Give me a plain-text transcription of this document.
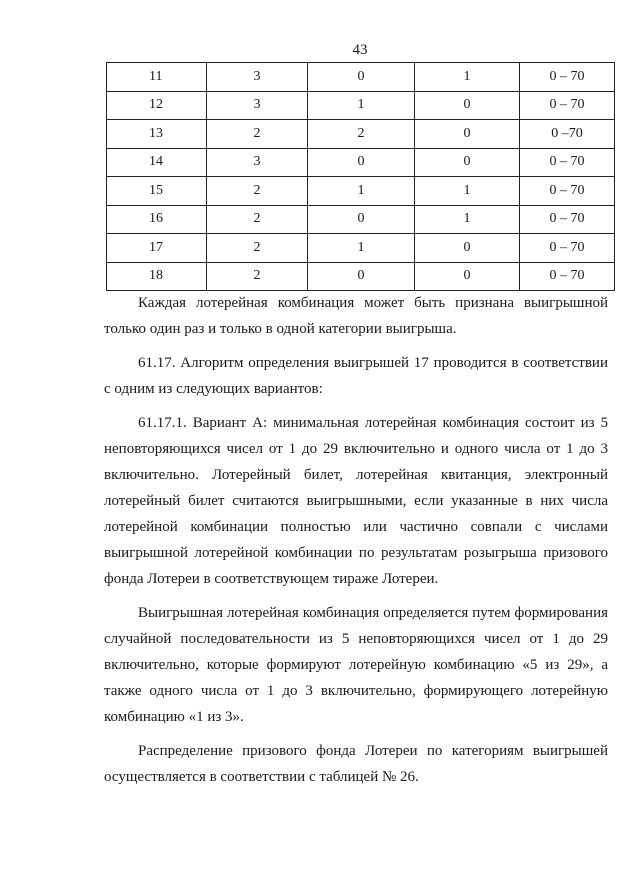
43
11	3	0	1	0 – 70
12	3	1	0	0 – 70
13	2	2	0	0 –70
14	3	0	0	0 – 70
15	2	1	1	0 – 70
16	2	0	1	0 – 70
17	2	1	0	0 – 70
18	2	0	0	0 – 70

Каждая лотерейная комбинация может быть признана выигрышной только один раз и только в одной категории выигрыша.

61.17. Алгоритм определения выигрышей 17 проводится в соответствии с одним из следующих вариантов:

61.17.1. Вариант А: минимальная лотерейная комбинация состоит из 5 неповторяющихся чисел от 1 до 29 включительно и одного числа от 1 до 3 включительно. Лотерейный билет, лотерейная квитанция, электронный лотерейный билет считаются выигрышными, если указанные в них числа лотерейной комбинации полностью или частично совпали с числами выигрышной лотерейной комбинации по результатам розыгрыша призового фонда Лотереи в соответствующем тираже Лотереи.

Выигрышная лотерейная комбинация определяется путем формирования случайной последовательности из 5 неповторяющихся чисел от 1 до 29 включительно, которые формируют лотерейную комбинацию «5 из 29», а также одного числа от 1 до 3 включительно, формирующего лотерейную комбинацию «1 из 3».

Распределение призового фонда Лотереи по категориям выигрышей осуществляется в соответствии с таблицей № 26.
